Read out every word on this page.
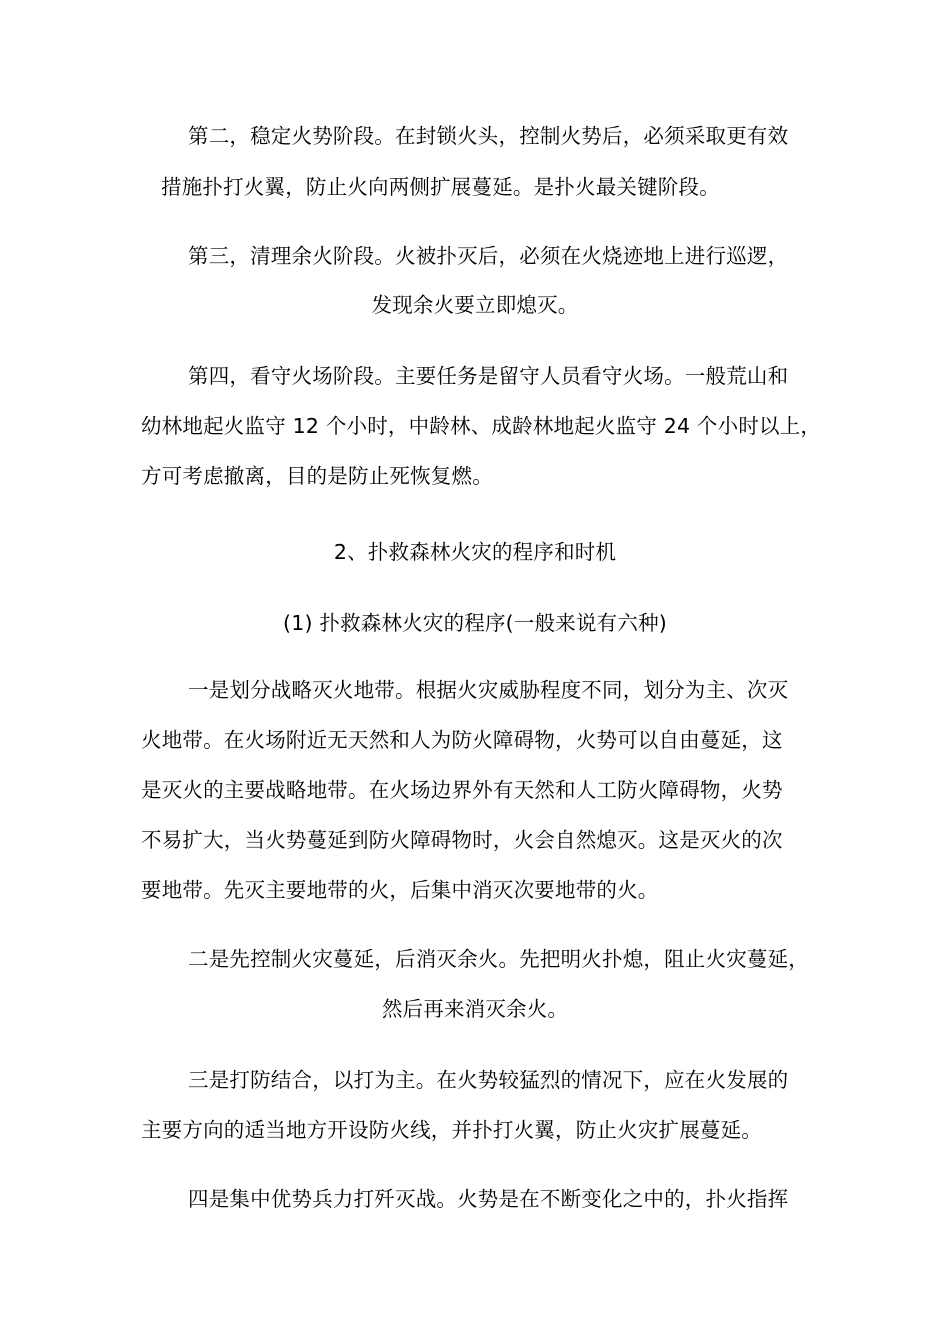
第二，稳定火势阶段。在封锁火头，控制火势后，必须采取更有效
措施扑打火翼，防止火向两侧扩展蔓延。是扑火最关键阶段。
第三，清理余火阶段。火被扑灭后，必须在火烧迹地上进行巡逻，
发现余火要立即熄灭。
第四，看守火场阶段。主要任务是留守人员看守火场。一般荒山和
幼林地起火监守 12 个小时，中龄林、成龄林地起火监守 24 个小时以上，
方可考虑撤离，目的是防止死恢复燃。
2、扑救森林火灾的程序和时机
(1) 扑救森林火灾的程序(一般来说有六种)
一是划分战略灭火地带。根据火灾威胁程度不同，划分为主、次灭
火地带。在火场附近无天然和人为防火障碍物，火势可以自由蔓延，这
是灭火的主要战略地带。在火场边界外有天然和人工防火障碍物，火势
不易扩大，当火势蔓延到防火障碍物时，火会自然熄灭。这是灭火的次
要地带。先灭主要地带的火，后集中消灭次要地带的火。
二是先控制火灾蔓延，后消灭余火。先把明火扑熄，阻止火灾蔓延，
然后再来消灭余火。
三是打防结合，以打为主。在火势较猛烈的情况下，应在火发展的
主要方向的适当地方开设防火线，并扑打火翼，防止火灾扩展蔓延。
四是集中优势兵力打歼灭战。火势是在不断变化之中的，扑火指挥
